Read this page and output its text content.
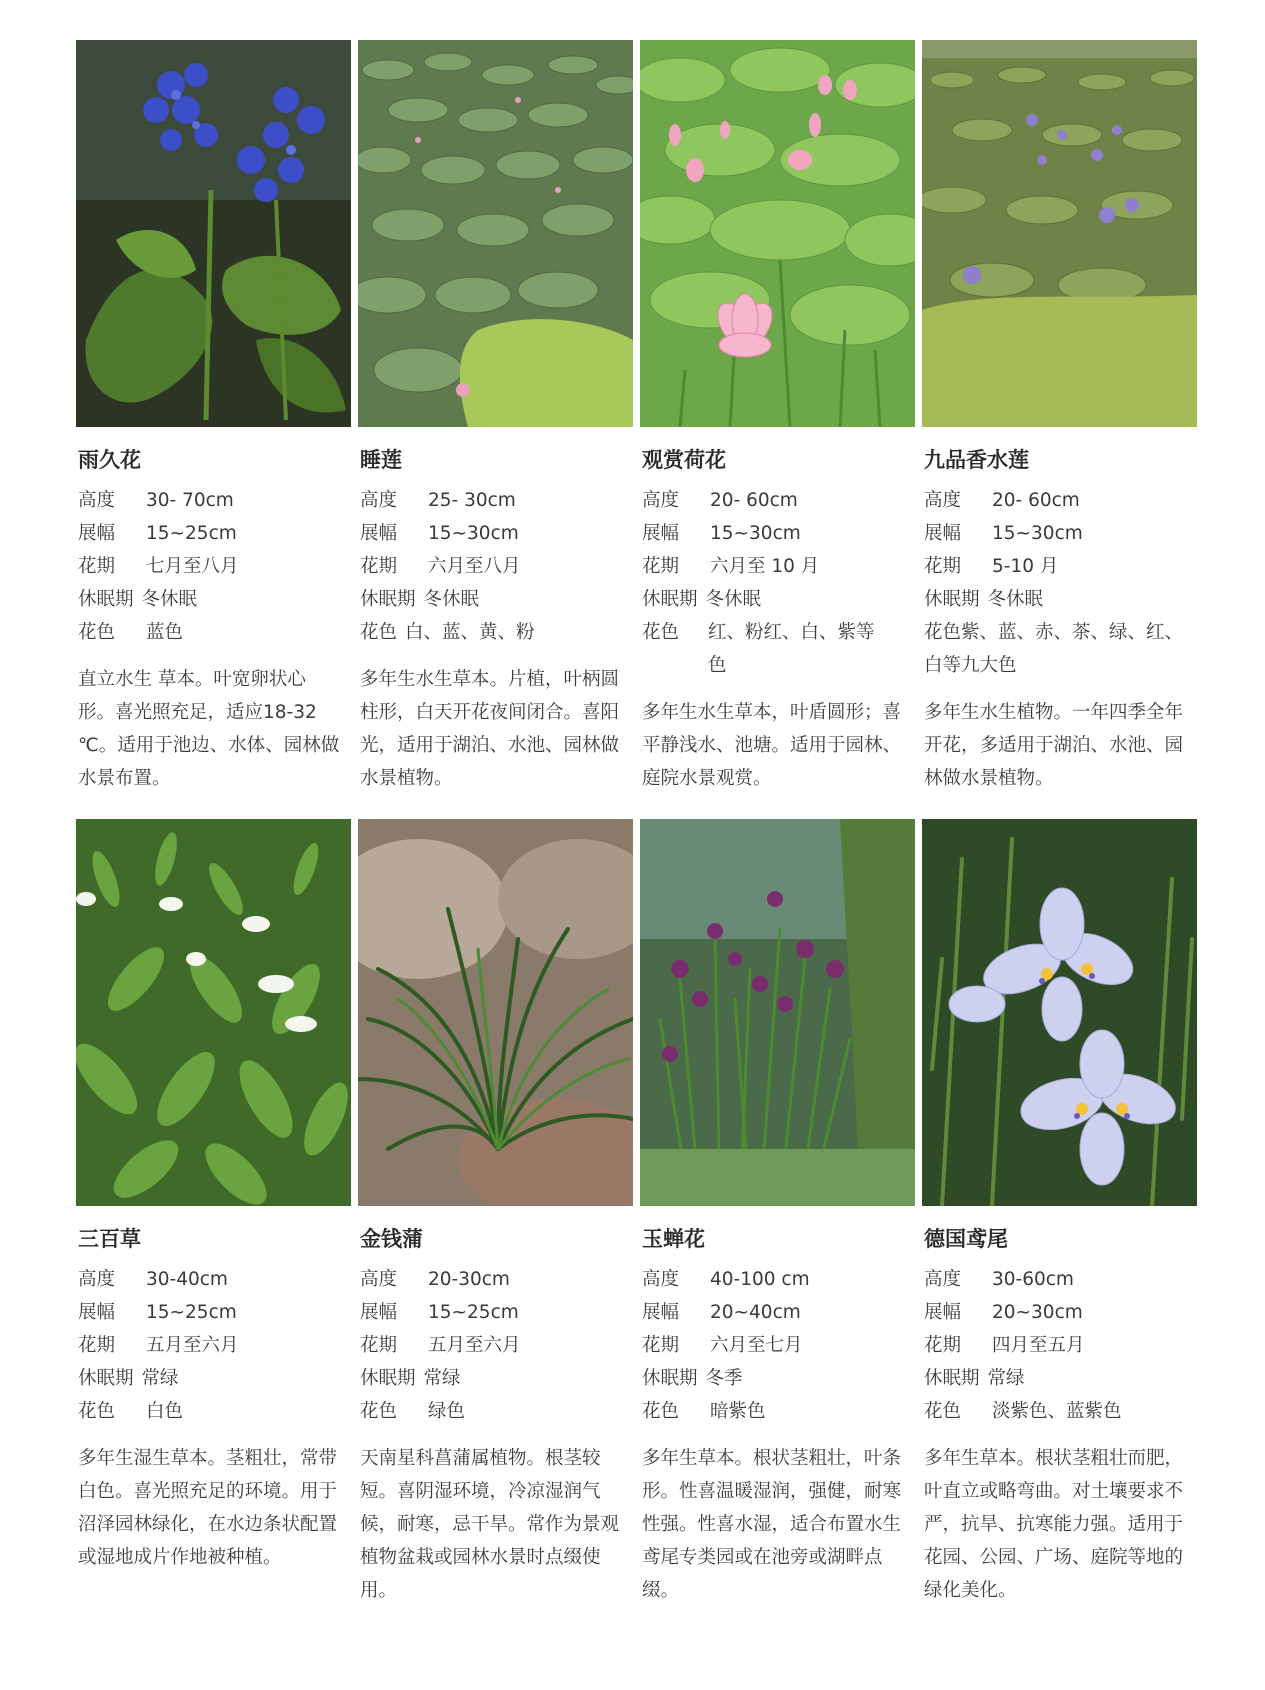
雨久花
高度 30- 70cm
展幅 15~25cm
花期 七月至八月
休眠期 冬休眠
花色 蓝色
直立水生 草本。叶宽卵状心形。喜光照充足，适应18-32 ℃。适用于池边、水体、园林做水景布置。
睡莲
高度 25- 30cm
展幅 15~30cm
花期 六月至八月
休眠期 冬休眠
花色 白、蓝、黄、粉
多年生水生草本。片植，叶柄圆柱形，白天开花夜间闭合。喜阳光，适用于湖泊、水池、园林做水景植物。
观赏荷花
高度 20- 60cm
展幅 15~30cm
花期 六月至 10 月
休眠期 冬休眠
花色	红、粉红、白、紫等色
多年生水生草本，叶盾圆形；喜平静浅水、池塘。适用于园林、庭院水景观赏。
九品香水莲
高度 20- 60cm
展幅 15~30cm
花期 5-10 月
休眠期 冬休眠
花色紫、蓝、赤、茶、绿、红、白等九大色
多年生水生植物。一年四季全年开花，多适用于湖泊、水池、园林做水景植物。
三百草
高度 30-40cm
展幅 15~25cm
花期 五月至六月
休眠期 常绿
花色 白色
多年生湿生草本。茎粗壮，常带白色。喜光照充足的环境。用于沼泽园林绿化，在水边条状配置或湿地成片作地被种植。
金钱蒲
高度 20-30cm
展幅 15~25cm
花期 五月至六月
休眠期 常绿
花色 绿色
天南星科菖蒲属植物。根茎较短。喜阴湿环境，冷凉湿润气候，耐寒，忌干旱。常作为景观植物盆栽或园林水景时点缀使用。
玉蝉花
高度 40-100 cm
展幅 20~40cm
花期 六月至七月
休眠期 冬季
花色 暗紫色
多年生草本。根状茎粗壮，叶条形。性喜温暖湿润，强健，耐寒性强。性喜水湿，适合布置水生鸢尾专类园或在池旁或湖畔点缀。
德国鸢尾
高度 30-60cm
展幅 20~30cm
花期 四月至五月
休眠期 常绿
花色 淡紫色、蓝紫色
多年生草本。根状茎粗壮而肥，叶直立或略弯曲。对土壤要求不严，抗旱、抗寒能力强。适用于花园、公园、广场、庭院等地的绿化美化。
